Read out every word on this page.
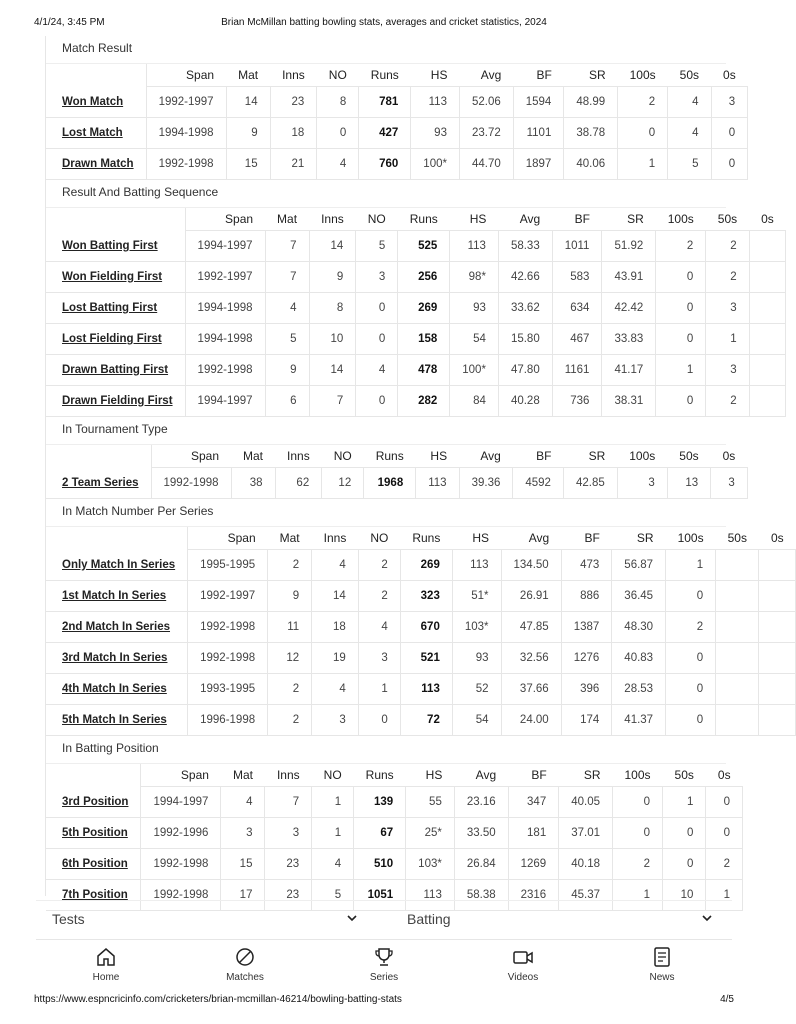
4/1/24, 3:45 PM	Brian McMillan batting bowling stats, averages and cricket statistics, 2024
Match Result
	Span	Mat	Inns	NO	Runs	HS	Avg	BF	SR	100s	50s	0s
Won Match	1992-1997	14	23	8	781	113	52.06	1594	48.99	2	4	3
Lost Match	1994-1998	9	18	0	427	93	23.72	1101	38.78	0	4	0
Drawn Match	1992-1998	15	21	4	760	100*	44.70	1897	40.06	1	5	0
Result And Batting Sequence
	Span	Mat	Inns	NO	Runs	HS	Avg	BF	SR	100s	50s	0s
Won Batting First	1994-1997	7	14	5	525	113	58.33	1011	51.92	2	2	
Won Fielding First	1992-1997	7	9	3	256	98*	42.66	583	43.91	0	2	
Lost Batting First	1994-1998	4	8	0	269	93	33.62	634	42.42	0	3	
Lost Fielding First	1994-1998	5	10	0	158	54	15.80	467	33.83	0	1	
Drawn Batting First	1992-1998	9	14	4	478	100*	47.80	1161	41.17	1	3	
Drawn Fielding First	1994-1997	6	7	0	282	84	40.28	736	38.31	0	2	
In Tournament Type
	Span	Mat	Inns	NO	Runs	HS	Avg	BF	SR	100s	50s	0s
2 Team Series	1992-1998	38	62	12	1968	113	39.36	4592	42.85	3	13	3
In Match Number Per Series
	Span	Mat	Inns	NO	Runs	HS	Avg	BF	SR	100s	50s	0s
Only Match In Series	1995-1995	2	4	2	269	113	134.50	473	56.87	1		
1st Match In Series	1992-1997	9	14	2	323	51*	26.91	886	36.45	0		
2nd Match In Series	1992-1998	11	18	4	670	103*	47.85	1387	48.30	2		
3rd Match In Series	1992-1998	12	19	3	521	93	32.56	1276	40.83	0		
4th Match In Series	1993-1995	2	4	1	113	52	37.66	396	28.53	0		
5th Match In Series	1996-1998	2	3	0	72	54	24.00	174	41.37	0		
In Batting Position
	Span	Mat	Inns	NO	Runs	HS	Avg	BF	SR	100s	50s	0s
3rd Position	1994-1997	4	7	1	139	55	23.16	347	40.05	0	1	0
5th Position	1992-1996	3	3	1	67	25*	33.50	181	37.01	0	0	0
6th Position	1992-1998	15	23	4	510	103*	26.84	1269	40.18	2	0	2
7th Position	1992-1998	17	23	5	1051	113	58.38	2316	45.37	1	10	1
Tests	Batting
Home	Matches	Series	Videos	News
https://www.espncricinfo.com/cricketers/brian-mcmillan-46214/bowling-batting-stats	4/5
